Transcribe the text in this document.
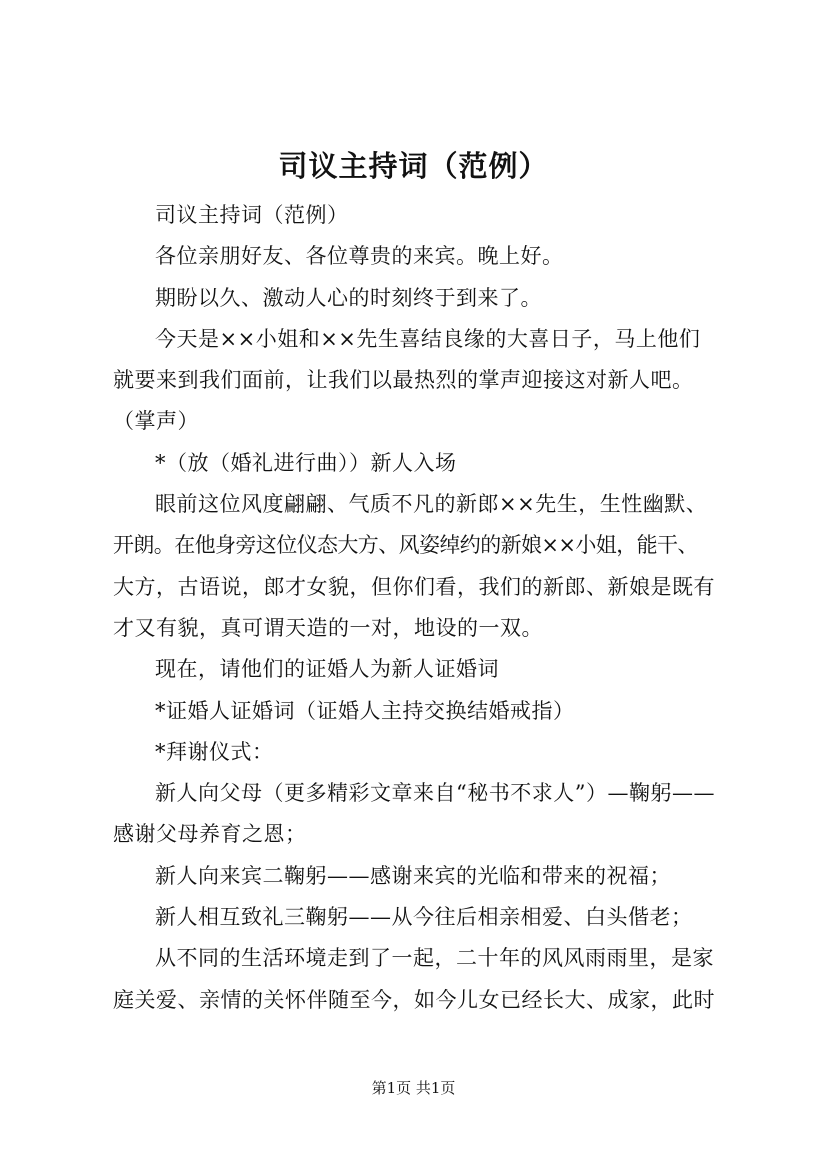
司议主持词（范例）

司议主持词（范例）

各位亲朋好友、各位尊贵的来宾。晚上好。

期盼以久、激动人心的时刻终于到来了。

今天是××小姐和××先生喜结良缘的大喜日子，马上他们

就要来到我们面前，让我们以最热烈的掌声迎接这对新人吧。

（掌声）

*（放（婚礼进行曲））新人入场

眼前这位风度翩翩、气质不凡的新郎××先生，生性幽默、

开朗。在他身旁这位仪态大方、风姿绰约的新娘××小姐，能干、

大方，古语说，郎才女貌，但你们看，我们的新郎、新娘是既有

才又有貌，真可谓天造的一对，地设的一双。

现在，请他们的证婚人为新人证婚词

*证婚人证婚词（证婚人主持交换结婚戒指）

*拜谢仪式：

新人向父母（更多精彩文章来自“秘书不求人”）—鞠躬——

感谢父母养育之恩；

新人向来宾二鞠躬——感谢来宾的光临和带来的祝福；

新人相互致礼三鞠躬——从今往后相亲相爱、白头偕老；

从不同的生活环境走到了一起，二十年的风风雨雨里，是家

庭关爱、亲情的关怀伴随至今，如今儿女已经长大、成家，此时

第1页 共1页
